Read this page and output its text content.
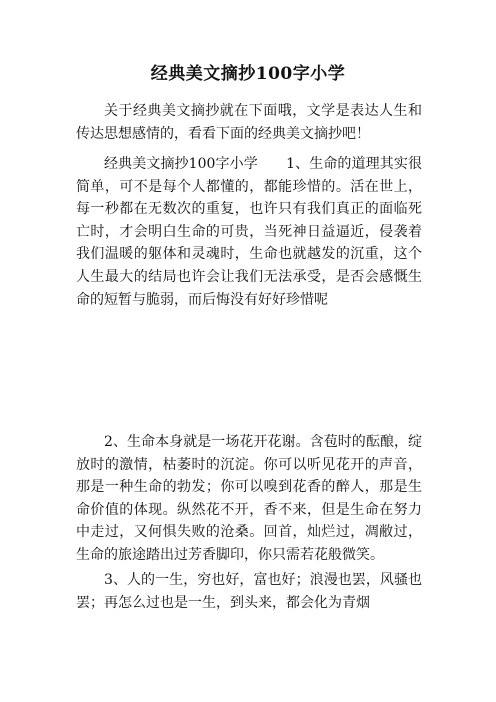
经典美文摘抄100字小学

关于经典美文摘抄就在下面哦，文学是表达人生和传达思想感情的，看看下面的经典美文摘抄吧！

经典美文摘抄100字小学　　1、生命的道理其实很简单，可不是每个人都懂的，都能珍惜的。活在世上，每一秒都在无数次的重复，也许只有我们真正的面临死亡时，才会明白生命的可贵，当死神日益逼近，侵袭着我们温暖的躯体和灵魂时，生命也就越发的沉重，这个人生最大的结局也许会让我们无法承受，是否会感慨生命的短暂与脆弱，而后悔没有好好珍惜呢

2、生命本身就是一场花开花谢。含苞时的酝酿，绽放时的激情，枯萎时的沉淀。你可以听见花开的声音，那是一种生命的勃发；你可以嗅到花香的醉人，那是生命价值的体现。纵然花不开，香不来，但是生命在努力中走过，又何惧失败的沧桑。回首，灿烂过，凋敝过，生命的旅途踏出过芳香脚印，你只需若花般微笑。

3、人的一生，穷也好，富也好；浪漫也罢，风骚也罢；再怎么过也是一生，到头来，都会化为青烟
